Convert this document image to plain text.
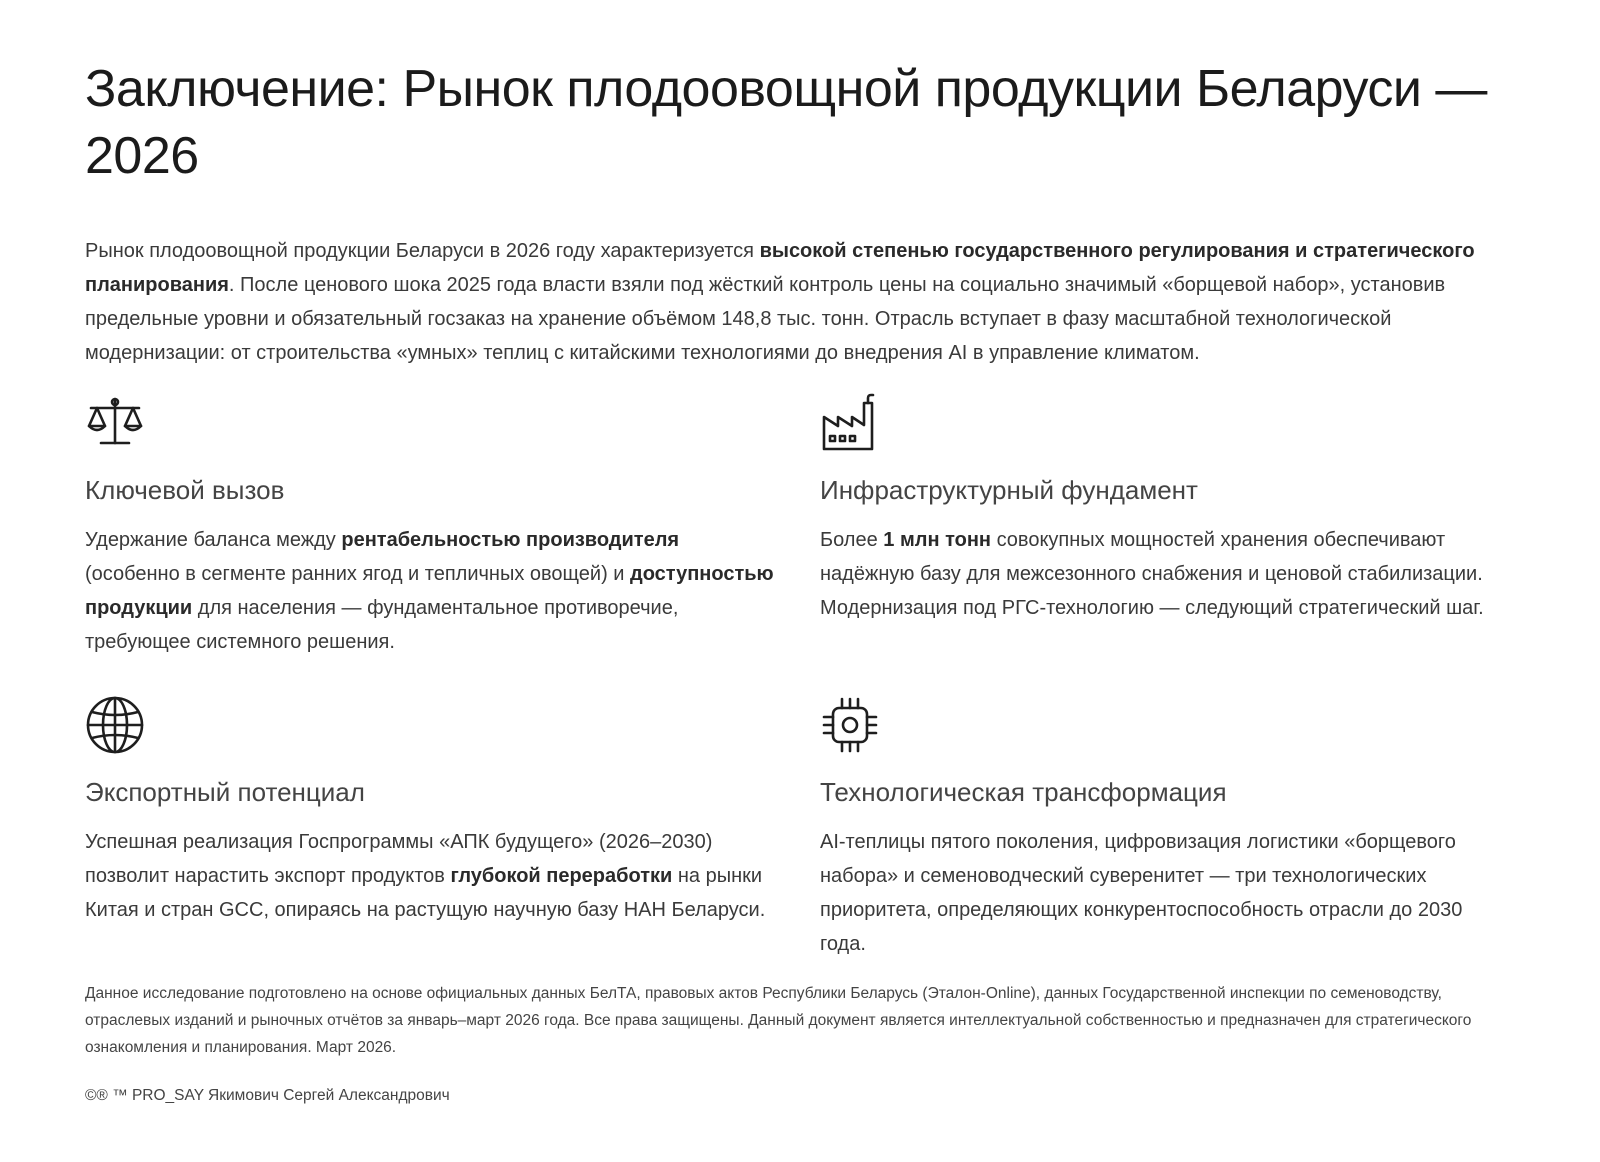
Заключение: Рынок плодоовощной продукции Беларуси — 2026

Рынок плодоовощной продукции Беларуси в 2026 году характеризуется высокой степенью государственного регулирования и стратегического планирования. После ценового шока 2025 года власти взяли под жёсткий контроль цены на социально значимый «борщевой набор», установив предельные уровни и обязательный госзаказ на хранение объёмом 148,8 тыс. тонн. Отрасль вступает в фазу масштабной технологической модернизации: от строительства «умных» теплиц с китайскими технологиями до внедрения AI в управление климатом.

Ключевой вызов

Удержание баланса между рентабельностью производителя (особенно в сегменте ранних ягод и тепличных овощей) и доступностью продукции для населения — фундаментальное противоречие, требующее системного решения.

Инфраструктурный фундамент

Более 1 млн тонн совокупных мощностей хранения обеспечивают надёжную базу для межсезонного снабжения и ценовой стабилизации. Модернизация под РГС-технологию — следующий стратегический шаг.

Экспортный потенциал

Успешная реализация Госпрограммы «АПК будущего» (2026–2030) позволит нарастить экспорт продуктов глубокой переработки на рынки Китая и стран GCC, опираясь на растущую научную базу НАН Беларуси.

Технологическая трансформация

AI-теплицы пятого поколения, цифровизация логистики «борщевого набора» и семеноводческий суверенитет — три технологических приоритета, определяющих конкурентоспособность отрасли до 2030 года.

Данное исследование подготовлено на основе официальных данных БелТА, правовых актов Республики Беларусь (Эталон-Online), данных Государственной инспекции по семеноводству, отраслевых изданий и рыночных отчётов за январь–март 2026 года. Все права защищены. Данный документ является интеллектуальной собственностью и предназначен для стратегического ознакомления и планирования. Март 2026.

©® ™ PRO_SAY Якимович Сергей Александрович
